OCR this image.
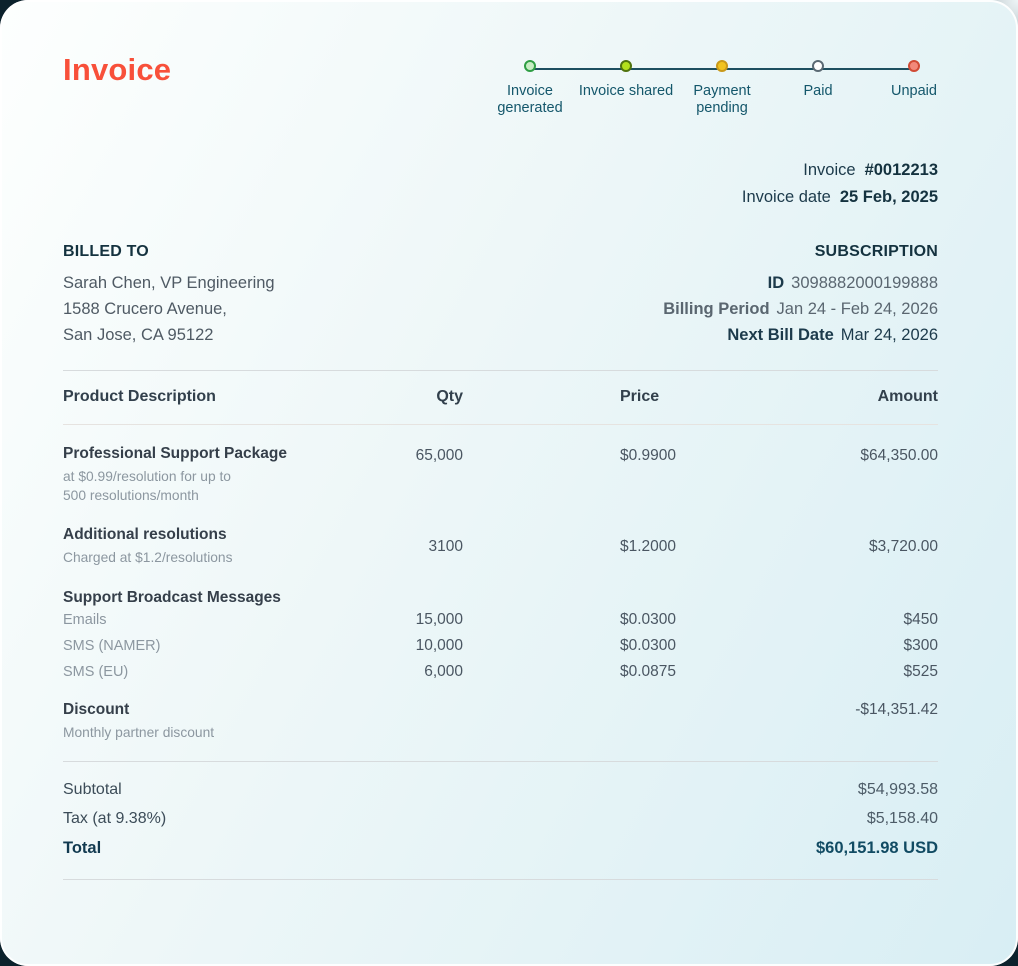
Invoice
Invoice generated
Invoice shared	Payment pending
Paid	Unpaid
Invoice #0012213
Invoice date 25 Feb, 2025
BILLED TO

Sarah Chen, VP Engineering

1588 Crucero Avenue,

San Jose, CA 95122

SUBSCRIPTION
ID 3098882000199888
Billing Period Jan 24 - Feb 24, 2026
Next Bill Date Mar 24, 2026
Product Description	Qty	Price	Amount
Professional Support Package
at $0.99/resolution for up to
500 resolutions/month
65,000	$0.9900	$64,350.00
Additional resolutions
Charged at $1.2/resolutions
3100	$1.2000	$3,720.00
Support Broadcast Messages
Emails	15,000	$0.0300	$450
SMS (NAMER)	10,000	$0.0300	$300
SMS (EU)	6,000	$0.0875	$525
Discount
Monthly partner discount
-$14,351.42
Subtotal	$54,993.58
Tax (at 9.38%)	$5,158.40
Total	$60,151.98 USD
